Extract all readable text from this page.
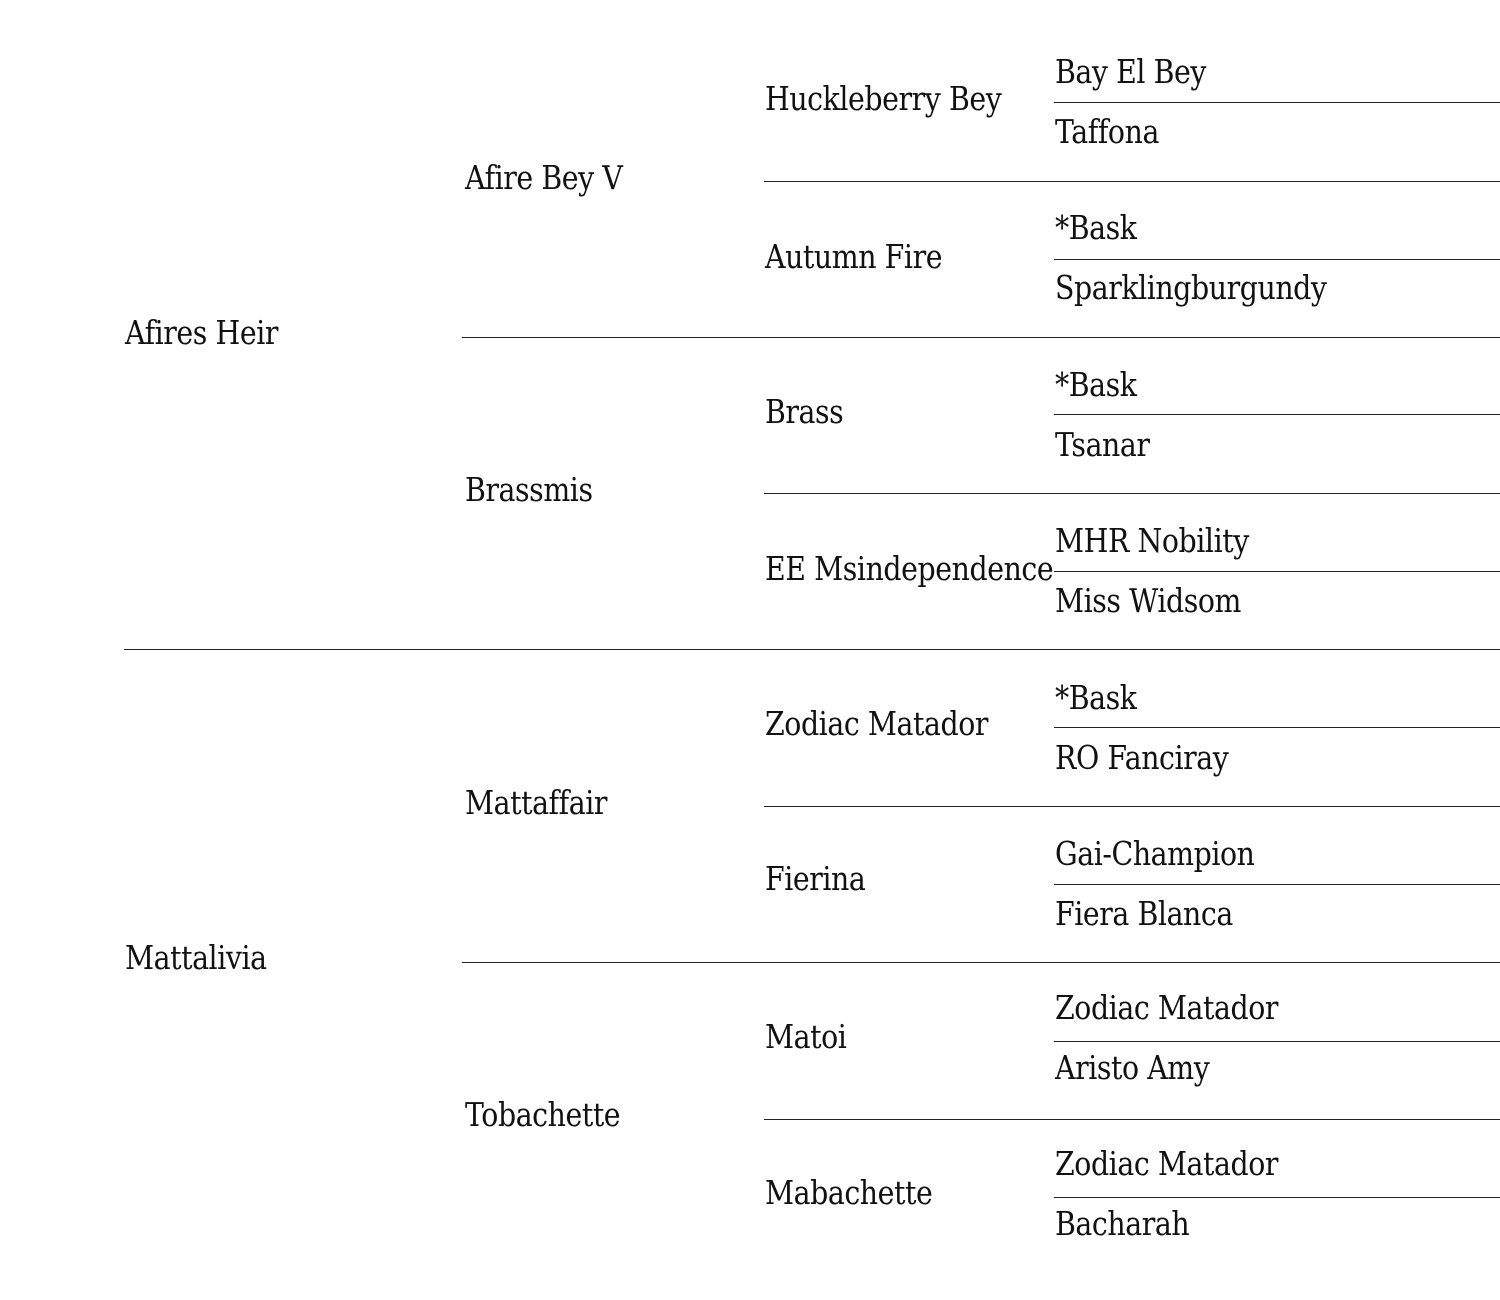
Afires Heir
Mattalivia
Afire Bey V
Brassmis
Mattaffair
Tobachette
Huckleberry Bey
Autumn Fire
Brass
EE Msindependence
Zodiac Matador
Fierina
Matoi
Mabachette
Bay El Bey
Taffona
*Bask
Sparklingburgundy
*Bask
Tsanar
MHR Nobility
Miss Widsom
*Bask
RO Fanciray
Gai-Champion
Fiera Blanca
Zodiac Matador
Aristo Amy
Zodiac Matador
Bacharah
